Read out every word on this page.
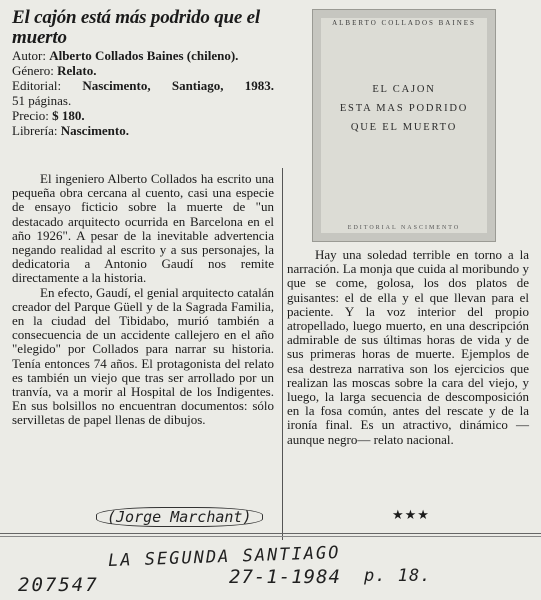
El cajón está más podrido que el muerto
Autor: Alberto Collados Baines (chileno).
Género: Relato.
Editorial: Nascimento, Santiago, 1983.
51 páginas.
Precio: $ 180.
Librería: Nascimento.
ALBERTO COLLADOS BAINES
EL CAJON
ESTA MAS PODRIDO
QUE EL MUERTO
EDITORIAL NASCIMENTO

El ingeniero Alberto Collados ha escrito una pequeña obra cercana al cuento, casi una especie de ensayo ficticio sobre la muerte de "un destacado arquitecto ocurrida en Barcelona en el año 1926". A pesar de la inevitable advertencia negando realidad al escrito y a sus personajes, la dedicatoria a Antonio Gaudí nos remite directamente a la historia.

En efecto, Gaudí, el genial arquitecto catalán creador del Parque Güell y de la Sagrada Familia, en la ciudad del Tibidabo, murió también a consecuencia de un accidente callejero en el año "elegido" por Collados para narrar su historia. Tenía entonces 74 años. El protagonista del relato es también un viejo que tras ser arrollado por un tranvía, va a morir al Hospital de los Indigentes. En sus bolsillos no encuentran documentos: sólo servilletas de papel llenas de dibujos.

Hay una soledad terrible en torno a la narración. La monja que cuida al moribundo y que se come, golosa, los dos platos de guisantes: el de ella y el que llevan para el paciente. Y la voz interior del propio atropellado, luego muerto, en una descripción admirable de sus últimas horas de vida y de sus primeras horas de muerte. Ejemplos de esa destreza narrativa son los ejercicios que realizan las moscas sobre la cara del viejo, y luego, la larga secuencia de descomposición en la fosa común, antes del rescate y de la ironía final. Es un atractivo, dinámico —aunque negro— relato nacional.

(Jorge Marchant)	★★★
LA SEGUNDA SANTIAGO
27-1-1984 p. 18.
207547
